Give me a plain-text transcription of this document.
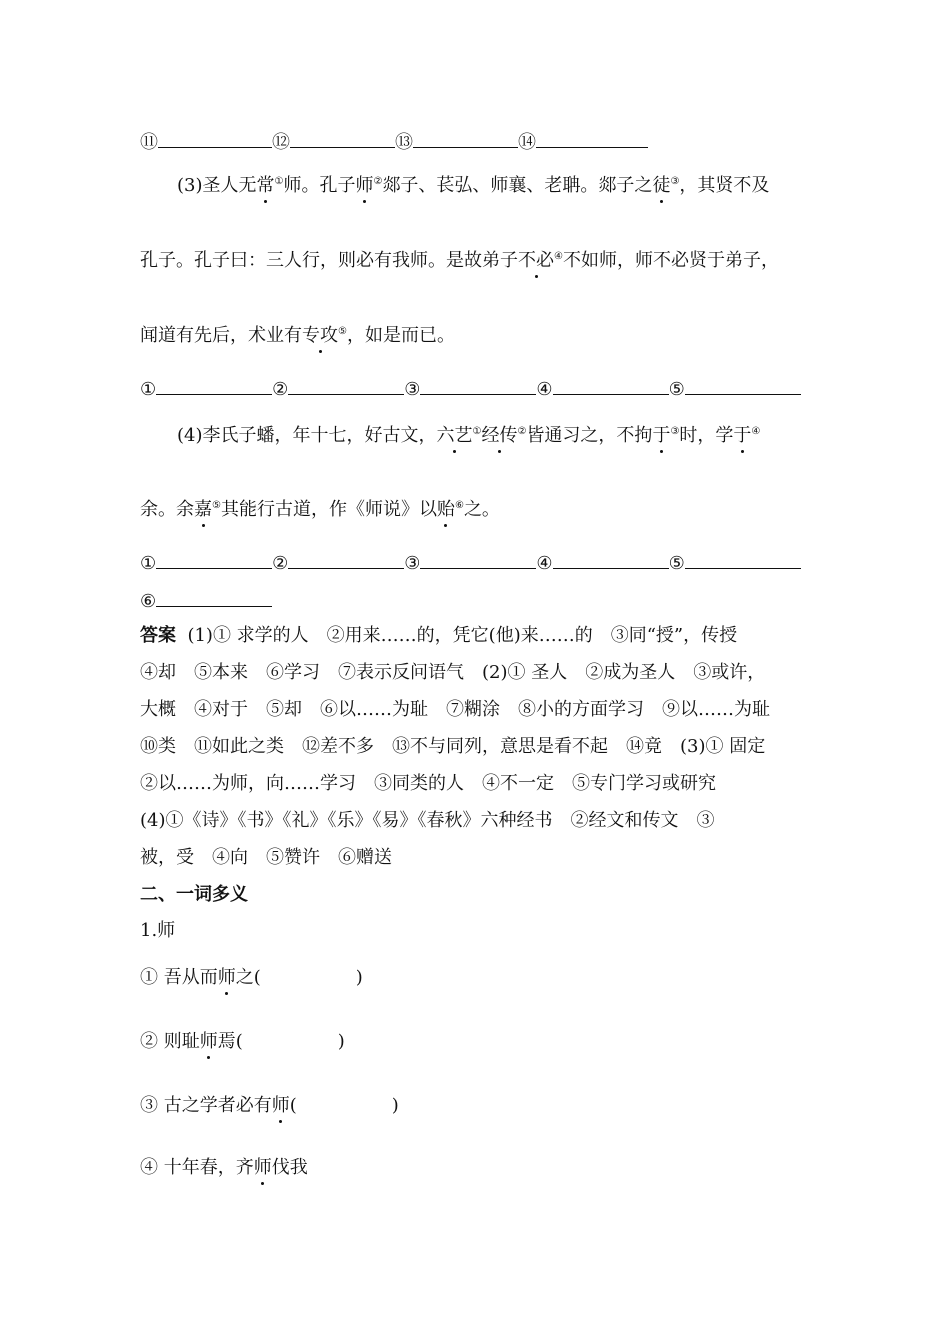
⑪	⑫	⑬	⑭
(3)圣人无常①师。孔子师②郯子、苌弘、师襄、老聃。郯子之徒③，其贤不及
孔子。孔子曰：三人行，则必有我师。是故弟子不必④不如师，师不必贤于弟子，
闻道有先后，术业有专攻⑤，如是而已。
①	②	③	④	⑤
(4)李氏子蟠，年十七，好古文，六艺①经传②皆通习之，不拘于③时，学于④
余。余嘉⑤其能行古道，作《师说》以贻⑥之。
①	②	③	④	⑤
⑥
答案 (1)① 求学的人　②用来……的，凭它(他)来……的　③同“授”，传授
④却　⑤本来　⑥学习　⑦表示反问语气　(2)① 圣人　②成为圣人　③或许，
大概　④对于　⑤却　⑥以……为耻　⑦糊涂　⑧小的方面学习　⑨以……为耻
⑩类　⑪如此之类　⑫差不多　⑬不与同列，意思是看不起　⑭竟　(3)① 固定
②以……为师，向……学习　③同类的人　④不一定　⑤专门学习或研究
(4)①《诗》《书》《礼》《乐》《易》《春秋》六种经书　②经文和传文　③
被，受　④向　⑤赞许　⑥赠送
二、一词多义
1.师
① 吾从而师之(	)
② 则耻师焉(	)
③ 古之学者必有师(	)
④ 十年春，齐师伐我
